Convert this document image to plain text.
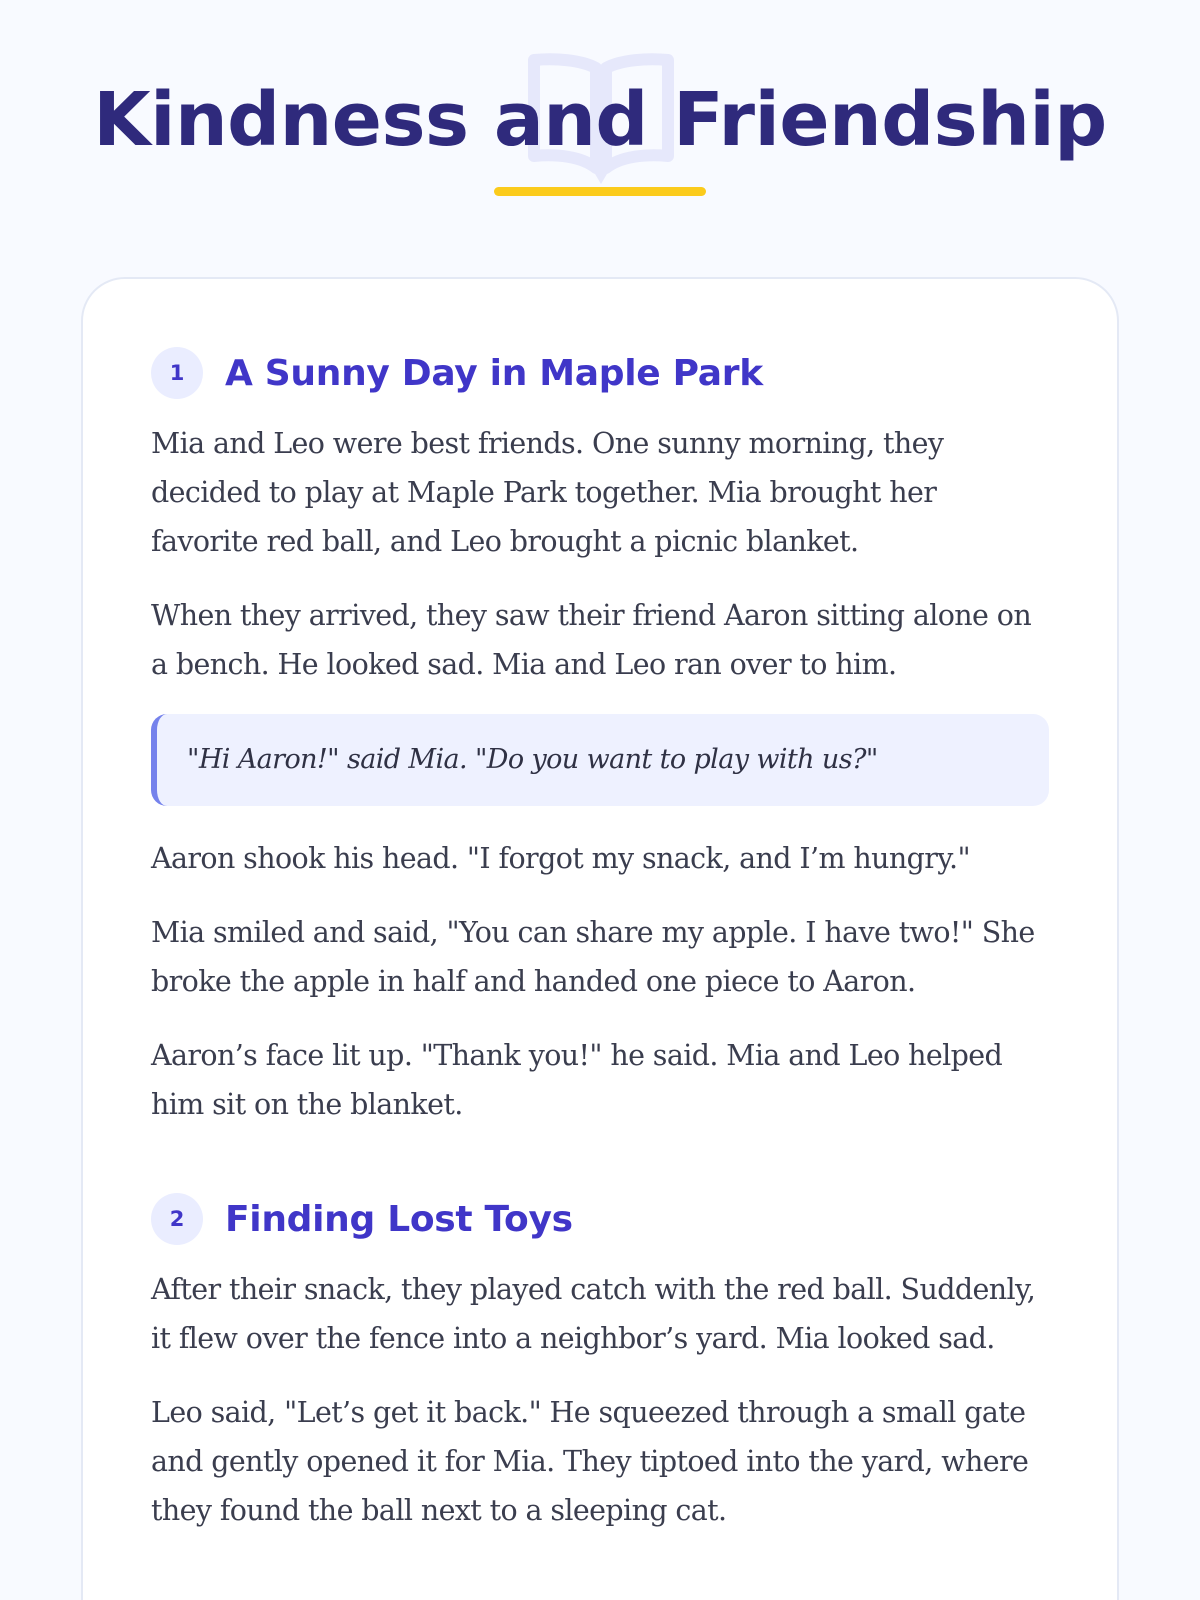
Kindness and Friendship
1	A Sunny Day in Maple Park

Mia and Leo were best friends. One sunny morning, they decided to play at Maple Park together. Mia brought her favorite red ball, and Leo brought a picnic blanket.

When they arrived, they saw their friend Aaron sitting alone on a bench. He looked sad. Mia and Leo ran over to him.

"Hi Aaron!" said Mia. "Do you want to play with us?"

Aaron shook his head. "I forgot my snack, and I’m hungry."

Mia smiled and said, "You can share my apple. I have two!" She broke the apple in half and handed one piece to Aaron.

Aaron’s face lit up. "Thank you!" he said. Mia and Leo helped him sit on the blanket.

2	Finding Lost Toys

After their snack, they played catch with the red ball. Suddenly, it flew over the fence into a neighbor’s yard. Mia looked sad.

Leo said, "Let’s get it back." He squeezed through a small gate and gently opened it for Mia. They tiptoed into the yard, where they found the ball next to a sleeping cat.
